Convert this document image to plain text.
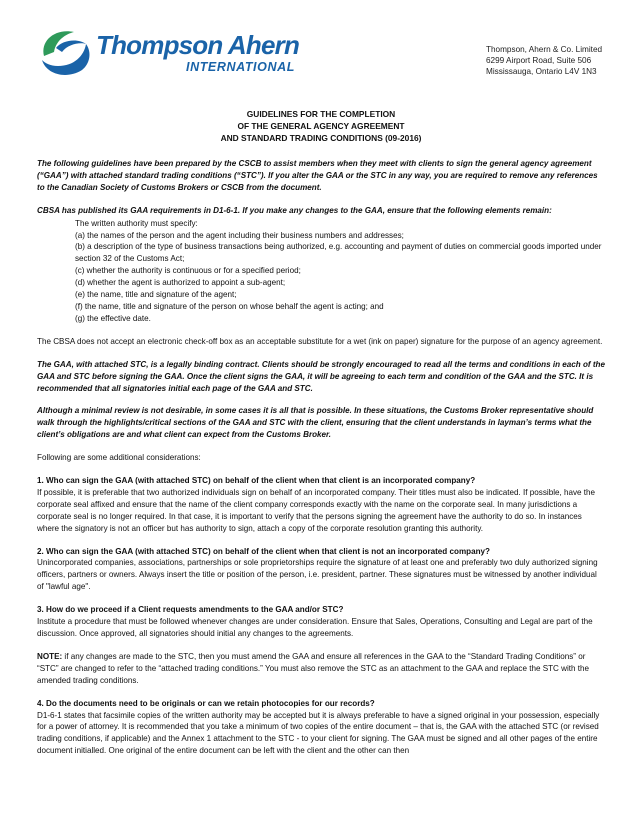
Thompson Ahern
INTERNATIONAL
Thompson, Ahern & Co. Limited
6299 Airport Road, Suite 506
Mississauga, Ontario L4V 1N3
GUIDELINES FOR THE COMPLETION
OF THE GENERAL AGENCY AGREEMENT
AND STANDARD TRADING CONDITIONS (09-2016)

The following guidelines have been prepared by the CSCB to assist members when they meet with clients to sign the general agency agreement (“GAA”) with attached standard trading conditions (“STC”). If you alter the GAA or the STC in any way, you are required to remove any references to the Canadian Society of Customs Brokers or CSCB from the document.

CBSA has published its GAA requirements in D1-6-1. If you make any changes to the GAA, ensure that the following elements remain:

The written authority must specify:
(a) the names of the person and the agent including their business numbers and addresses;
(b) a description of the type of business transactions being authorized, e.g. accounting and payment of duties on commercial goods imported under section 32 of the Customs Act;
(c) whether the authority is continuous or for a specified period;
(d) whether the agent is authorized to appoint a sub-agent;
(e) the name, title and signature of the agent;
(f) the name, title and signature of the person on whose behalf the agent is acting; and
(g) the effective date.

The CBSA does not accept an electronic check-off box as an acceptable substitute for a wet (ink on paper) signature for the purpose of an agency agreement.

The GAA, with attached STC, is a legally binding contract. Clients should be strongly encouraged to read all the terms and conditions in each of the GAA and STC before signing the GAA. Once the client signs the GAA, it will be agreeing to each term and condition of the GAA and the STC. It is recommended that all signatories initial each page of the GAA and STC.

Although a minimal review is not desirable, in some cases it is all that is possible. In these situations, the Customs Broker representative should walk through the highlights/critical sections of the GAA and STC with the client, ensuring that the client understands in layman’s terms what the client’s obligations are and what client can expect from the Customs Broker.

Following are some additional considerations:

1. Who can sign the GAA (with attached STC) on behalf of the client when that client is an incorporated company?
If possible, it is preferable that two authorized individuals sign on behalf of an incorporated company. Their titles must also be indicated. If possible, have the corporate seal affixed and ensure that the name of the client company corresponds exactly with the name on the corporate seal. In many jurisdictions a corporate seal is no longer required. In that case, it is important to verify that the persons signing the agreement have the authority to do so. In instances where the signatory is not an officer but has authority to sign, attach a copy of the corporate resolution granting this authority.
2. Who can sign the GAA (with attached STC) on behalf of the client when that client is not an incorporated company?
Unincorporated companies, associations, partnerships or sole proprietorships require the signature of at least one and preferably two duly authorized signing officers, partners or owners. Always insert the title or position of the person, i.e. president, partner. These signatures must be witnessed by another individual of "lawful age".
3. How do we proceed if a Client requests amendments to the GAA and/or STC?
Institute a procedure that must be followed whenever changes are under consideration. Ensure that Sales, Operations, Consulting and Legal are part of the discussion. Once approved, all signatories should initial any changes to the agreements.

NOTE: if any changes are made to the STC, then you must amend the GAA and ensure all references in the GAA to the “Standard Trading Conditions” or “STC” are changed to refer to the “attached trading conditions.” You must also remove the STC as an attachment to the GAA and replace the STC with the amended trading conditions.

4. Do the documents need to be originals or can we retain photocopies for our records?
D1-6-1 states that facsimile copies of the written authority may be accepted but it is always preferable to have a signed original in your possession, especially for a power of attorney. It is recommended that you take a minimum of two copies of the entire document – that is, the GAA with the attached STC (or revised trading conditions, if applicable) and the Annex 1 attachment to the STC - to your client for signing. The GAA must be signed and all other pages of the entire document initialled. One original of the entire document can be left with the client and the other can then
